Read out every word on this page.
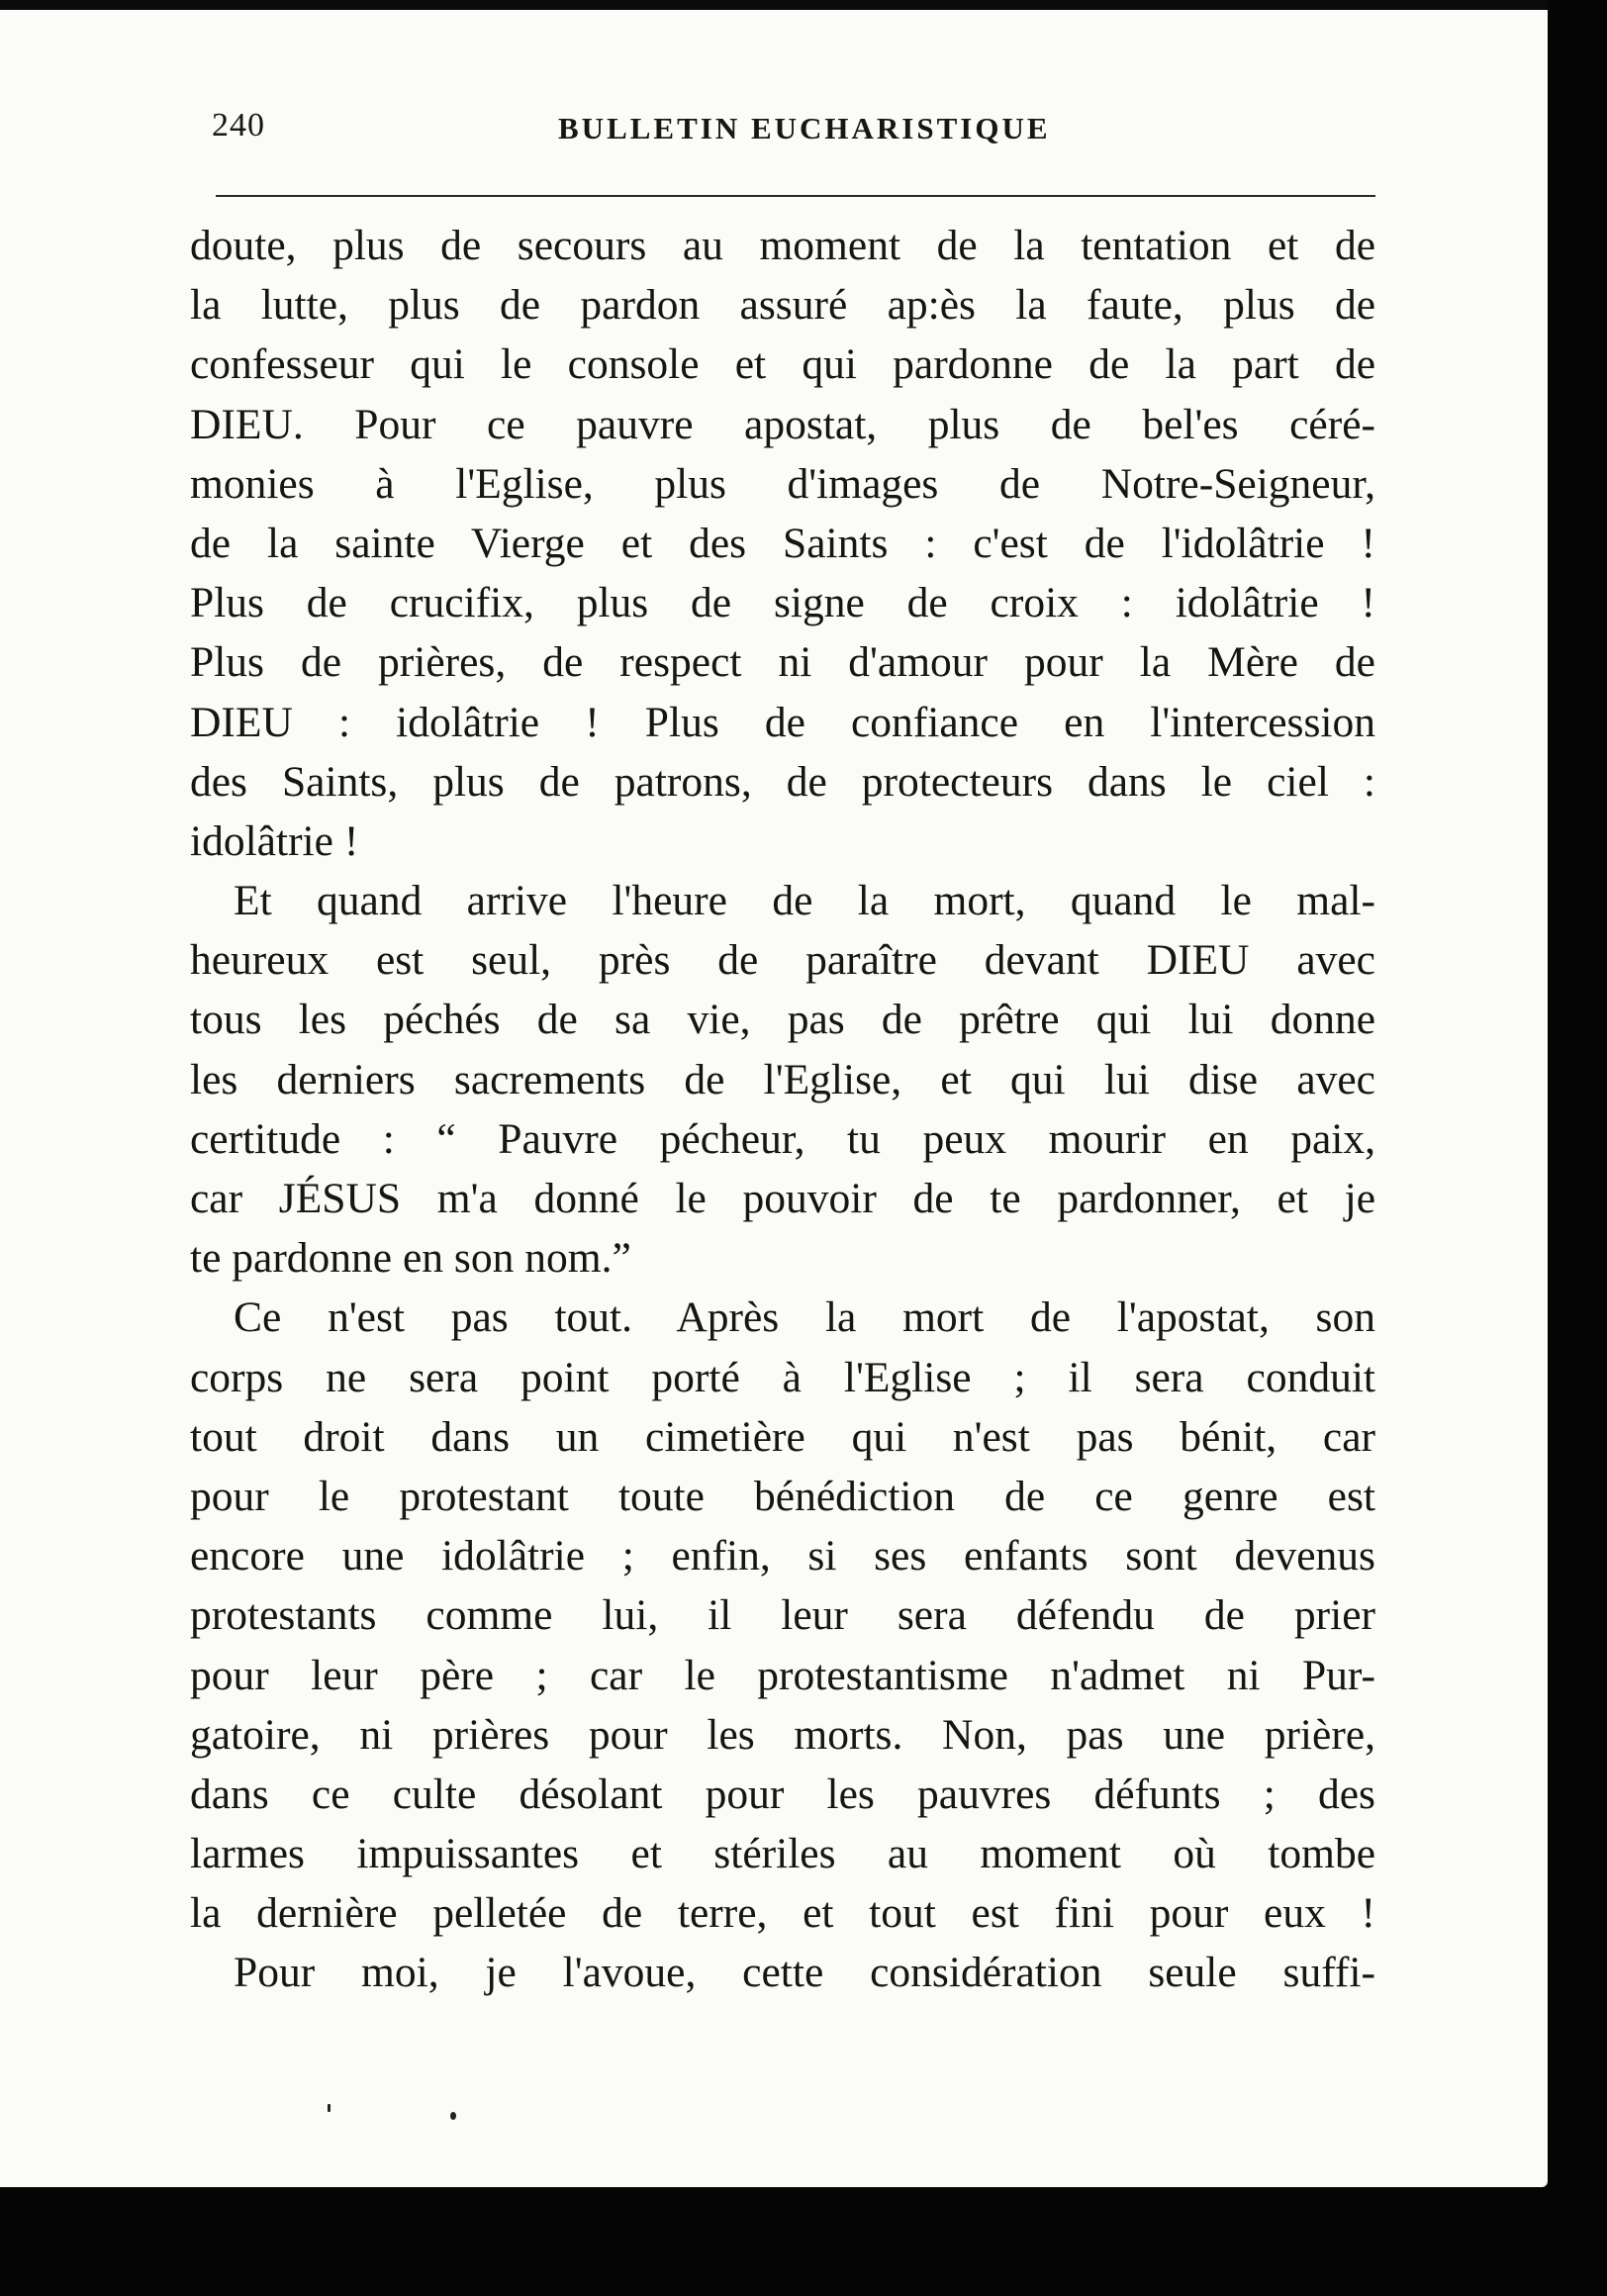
240	BULLETIN EUCHARISTIQUE
doute, plus de secours au moment de la tentation et de
la lutte, plus de pardon assuré ap:ès la faute, plus de
confesseur qui le console et qui pardonne de la part de
DIEU. Pour ce pauvre apostat, plus de bel'es céré-
monies à l'Eglise, plus d'images de Notre-Seigneur,
de la sainte Vierge et des Saints : c'est de l'idolâtrie !
Plus de crucifix, plus de signe de croix : idolâtrie !
Plus de prières, de respect ni d'amour pour la Mère de
DIEU : idolâtrie ! Plus de confiance en l'intercession
des Saints, plus de patrons, de protecteurs dans le ciel :
idolâtrie !
Et quand arrive l'heure de la mort, quand le mal-
heureux est seul, près de paraître devant DIEU avec
tous les péchés de sa vie, pas de prêtre qui lui donne
les derniers sacrements de l'Eglise, et qui lui dise avec
certitude : “ Pauvre pécheur, tu peux mourir en paix,
car JÉSUS m'a donné le pouvoir de te pardonner, et je
te pardonne en son nom.”
Ce n'est pas tout. Après la mort de l'apostat, son
corps ne sera point porté à l'Eglise ; il sera conduit
tout droit dans un cimetière qui n'est pas bénit, car
pour le protestant toute bénédiction de ce genre est
encore une idolâtrie ; enfin, si ses enfants sont devenus
protestants comme lui, il leur sera défendu de prier
pour leur père ; car le protestantisme n'admet ni Pur-
gatoire, ni prières pour les morts. Non, pas une prière,
dans ce culte désolant pour les pauvres défunts ; des
larmes impuissantes et stériles au moment où tombe
la dernière pelletée de terre, et tout est fini pour eux !
Pour moi, je l'avoue, cette considération seule suffi-
